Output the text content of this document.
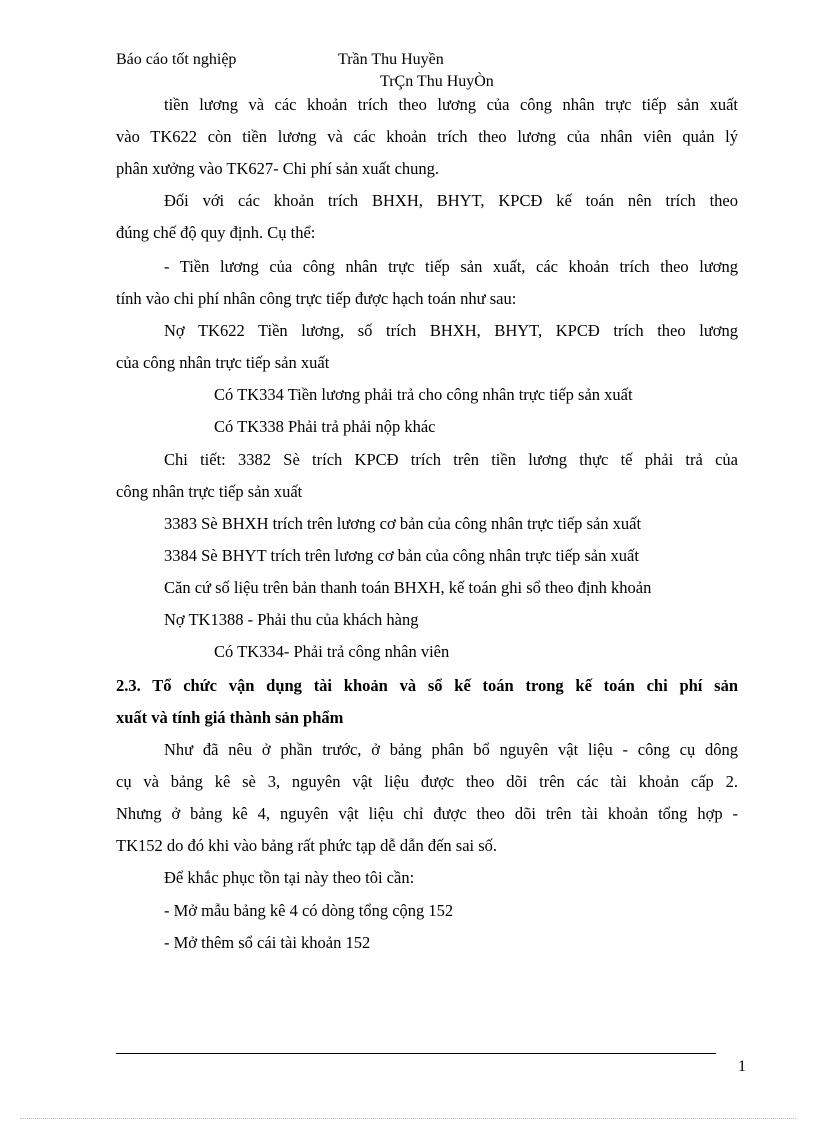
Báo cáo tốt nghiệp	Trần Thu Huyền
TrÇn Thu HuyÒn
tiền lương và các khoản trích theo lương của công nhân trực tiếp sản xuất
vào TK622 còn tiền lương và các khoản trích theo lương của nhân viên quản lý
phân xưởng vào TK627- Chi phí sản xuất chung.
Đối với các khoản trích BHXH, BHYT, KPCĐ kế toán nên trích theo
đúng chế độ quy định. Cụ thể:
- Tiền lương của công nhân trực tiếp sản xuất, các khoản trích theo lương
tính vào chi phí nhân công trực tiếp được hạch toán như sau:
Nợ TK622 Tiền lương, số trích BHXH, BHYT, KPCĐ trích theo lương
của công nhân trực tiếp sản xuất
Có TK334 Tiền lương phải trả cho công nhân trực tiếp sản xuất
Có TK338 Phải trả phải nộp khác
Chi tiết: 3382 Sè trích KPCĐ trích trên tiền lương thực tế phải trả của
công nhân trực tiếp sản xuất
3383 Sè BHXH trích trên lương cơ bản của công nhân trực tiếp sản xuất
3384 Sè BHYT trích trên lương cơ bản của công nhân trực tiếp sản xuất
Căn cứ số liệu trên bản thanh toán BHXH, kế toán ghi sổ theo định khoản
Nợ TK1388 - Phải thu của khách hàng
Có TK334- Phải trả công nhân viên
2.3. Tổ chức vận dụng tài khoản và sổ kế toán trong kế toán chi phí sản
xuất và tính giá thành sản phẩm
Như đã nêu ở phần trước, ở bảng phân bổ nguyên vật liệu - công cụ dông
cụ và bảng kê sè 3, nguyên vật liệu được theo dõi trên các tài khoản cấp 2.
Nhưng ở bảng kê 4, nguyên vật liệu chỉ được theo dõi trên tài khoản tổng hợp -
TK152 do đó khi vào bảng rất phức tạp dễ dẫn đến sai số.
Để khắc phục tồn tại này theo tôi cần:
- Mở mẫu bảng kê 4 có dòng tổng cộng 152
- Mở thêm sổ cái tài khoản 152
1
